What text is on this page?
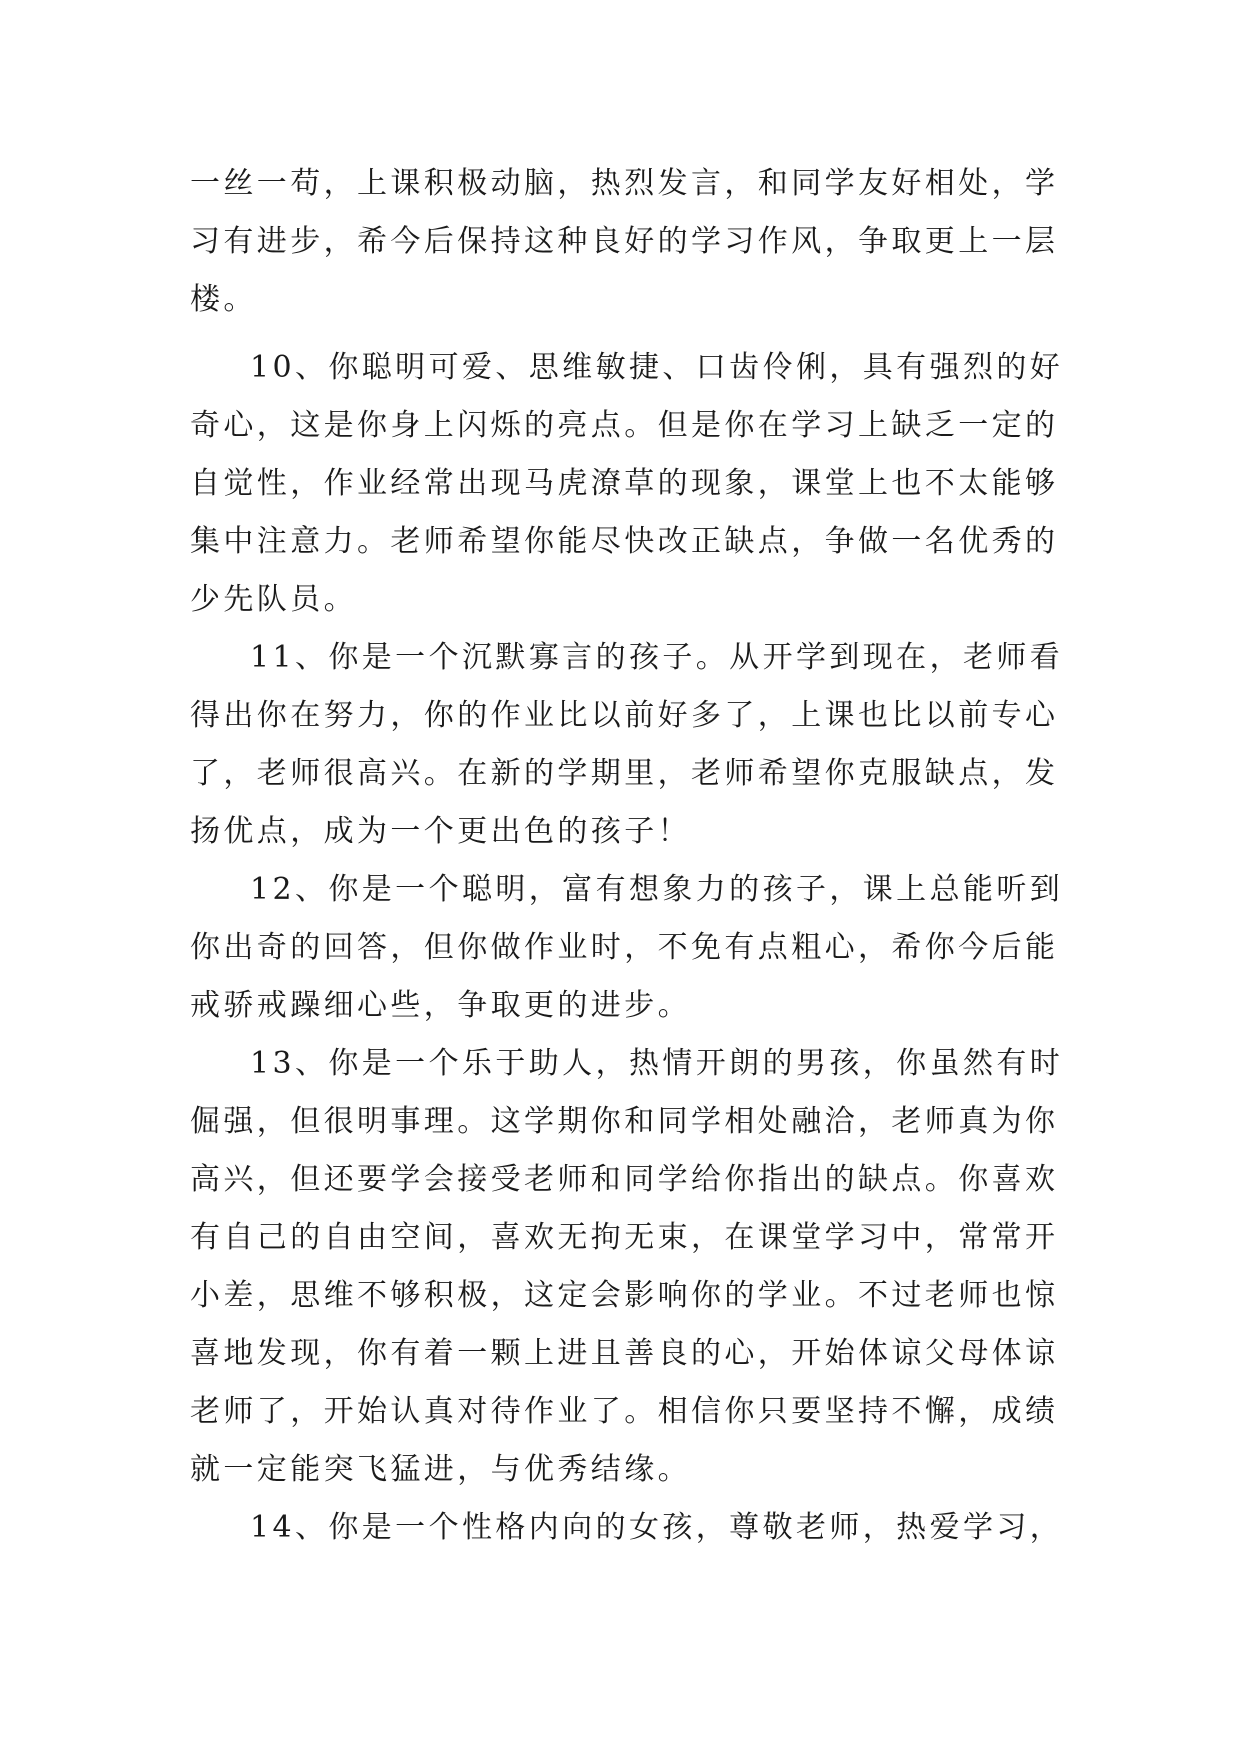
一丝一苟，上课积极动脑，热烈发言，和同学友好相处，学
习有进步，希今后保持这种良好的学习作风，争取更上一层
楼。
10、你聪明可爱、思维敏捷、口齿伶俐，具有强烈的好
奇心，这是你身上闪烁的亮点。但是你在学习上缺乏一定的
自觉性，作业经常出现马虎潦草的现象，课堂上也不太能够
集中注意力。老师希望你能尽快改正缺点，争做一名优秀的
少先队员。
11、你是一个沉默寡言的孩子。从开学到现在，老师看
得出你在努力，你的作业比以前好多了，上课也比以前专心
了，老师很高兴。在新的学期里，老师希望你克服缺点，发
扬优点，成为一个更出色的孩子！
12、你是一个聪明，富有想象力的孩子，课上总能听到
你出奇的回答，但你做作业时，不免有点粗心，希你今后能
戒骄戒躁细心些，争取更的进步。
13、你是一个乐于助人，热情开朗的男孩，你虽然有时
倔强，但很明事理。这学期你和同学相处融洽，老师真为你
高兴，但还要学会接受老师和同学给你指出的缺点。你喜欢
有自己的自由空间，喜欢无拘无束，在课堂学习中，常常开
小差，思维不够积极，这定会影响你的学业。不过老师也惊
喜地发现，你有着一颗上进且善良的心，开始体谅父母体谅
老师了，开始认真对待作业了。相信你只要坚持不懈，成绩
就一定能突飞猛进，与优秀结缘。
14、你是一个性格内向的女孩，尊敬老师，热爱学习，
